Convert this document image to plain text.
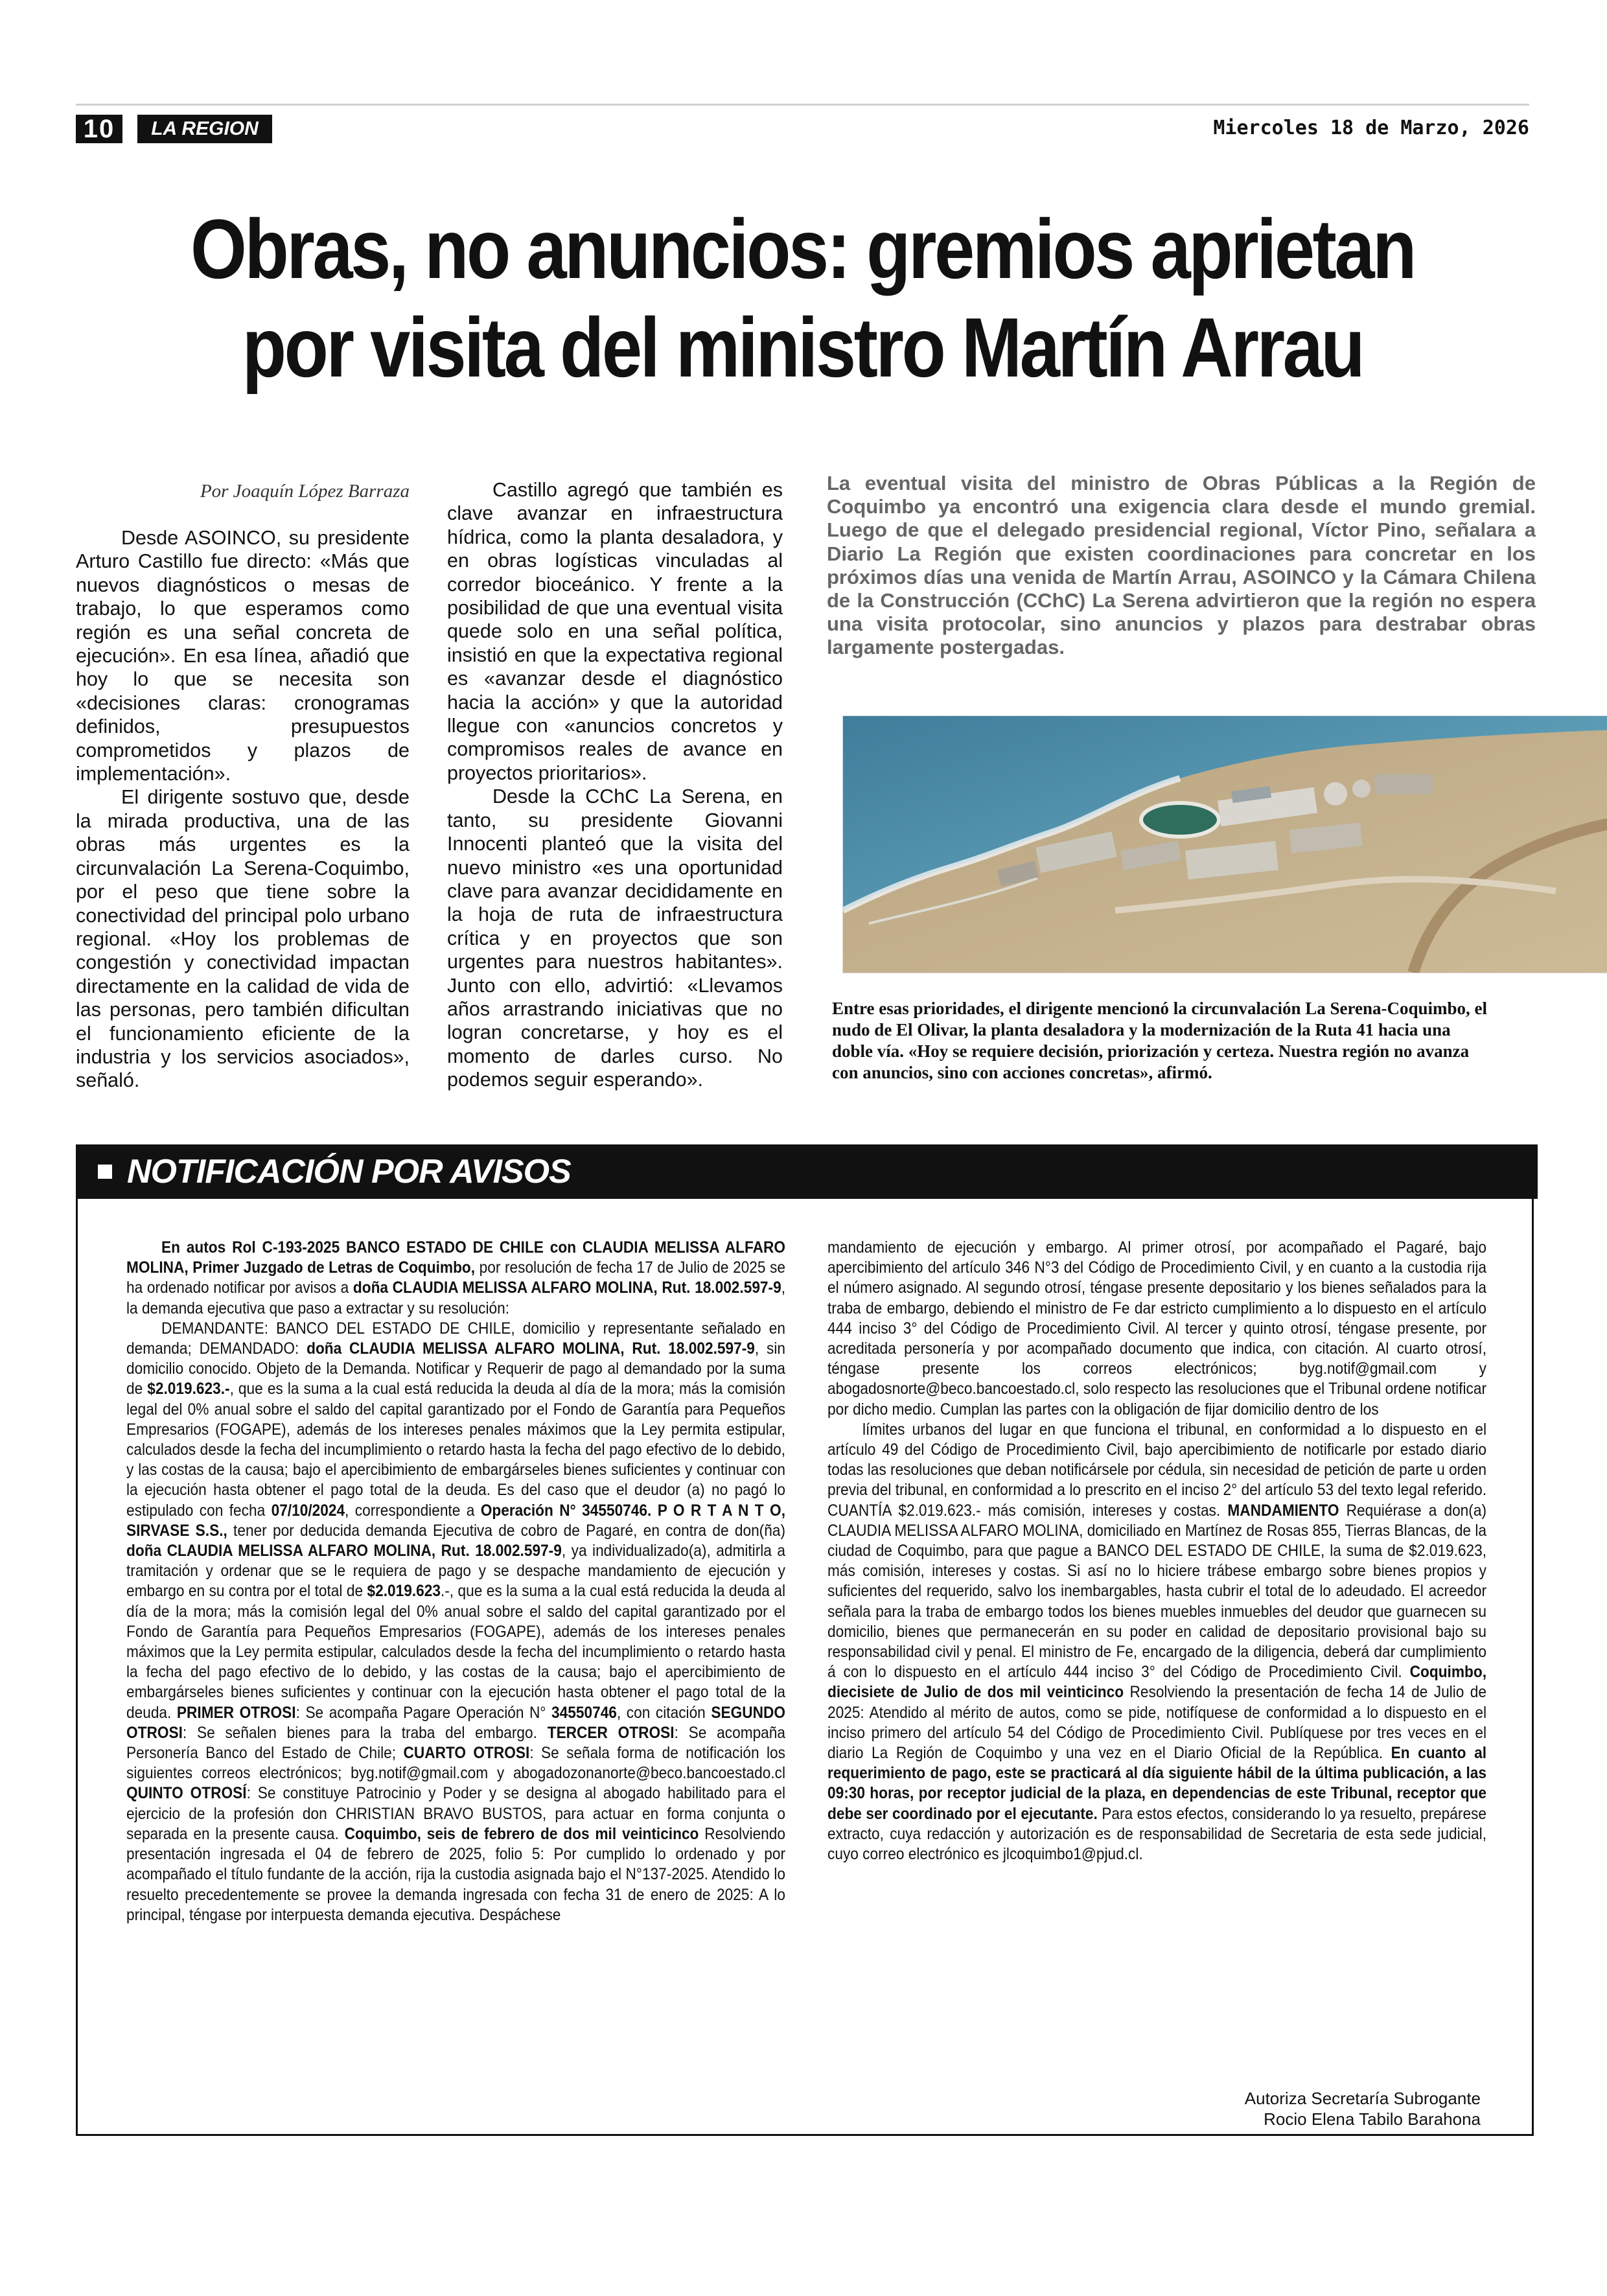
10	LA REGION	Miercoles 18 de Marzo, 2026
Obras, no anuncios: gremios aprietan
por visita del ministro Martín Arrau
Por Joaquín López Barraza

Desde ASOINCO, su presidente Arturo Castillo fue directo: «Más que nuevos diagnósticos o mesas de trabajo, lo que esperamos como región es una señal concreta de ejecución». En esa línea, añadió que hoy lo que se necesita son «decisiones claras: cronogramas definidos, presupuestos comprometidos y plazos de implementación».

El dirigente sostuvo que, desde la mirada productiva, una de las obras más urgentes es la circunvalación La Serena-Coquimbo, por el peso que tiene sobre la conectividad del principal polo urbano regional. «Hoy los problemas de congestión y conectividad impactan directamente en la calidad de vida de las personas, pero también dificultan el funcionamiento eficiente de la industria y los servicios asociados», señaló.

Castillo agregó que también es clave avanzar en infraestructura hídrica, como la planta desaladora, y en obras logísticas vinculadas al corredor bioceánico. Y frente a la posibilidad de que una eventual visita quede solo en una señal política, insistió en que la expectativa regional es «avanzar desde el diagnóstico hacia la acción» y que la autoridad llegue con «anuncios concretos y compromisos reales de avance en proyectos prioritarios».

Desde la CChC La Serena, en tanto, su presidente Giovanni Innocenti planteó que la visita del nuevo ministro «es una oportunidad clave para avanzar decididamente en la hoja de ruta de infraestructura crítica y en proyectos que son urgentes para nuestros habitantes». Junto con ello, advirtió: «Llevamos años arrastrando iniciativas que no logran concretarse, y hoy es el momento de darles curso. No podemos seguir esperando».

La eventual visita del ministro de Obras Públicas a la Región de Coquimbo ya encontró una exigencia clara desde el mundo gremial. Luego de que el delegado presidencial regional, Víctor Pino, señalara a Diario La Región que existen coordinaciones para concretar en los próximos días una venida de Martín Arrau, ASOINCO y la Cámara Chilena de la Construcción (CChC) La Serena advirtieron que la región no espera una visita protocolar, sino anuncios y plazos para destrabar obras largamente postergadas.
Entre esas prioridades, el dirigente mencionó la circunvalación La Serena-Coquimbo, el nudo de El Olivar, la planta desaladora y la modernización de la Ruta 41 hacia una doble vía. «Hoy se requiere decisión, priorización y certeza. Nuestra región no avanza con anuncios, sino con acciones concretas», afirmó.
NOTIFICACIÓN POR AVISOS

En autos Rol C-193-2025 BANCO ESTADO DE CHILE con CLAUDIA MELISSA ALFARO MOLINA, Primer Juzgado de Letras de Coquimbo, por resolución de fecha 17 de Julio de 2025 se ha ordenado notificar por avisos a doña CLAUDIA MELISSA ALFARO MOLINA, Rut. 18.002.597-9, la demanda ejecutiva que paso a extractar y su resolución:

DEMANDANTE: BANCO DEL ESTADO DE CHILE, domicilio y representante señalado en demanda; DEMANDADO: doña CLAUDIA MELISSA ALFARO MOLINA, Rut. 18.002.597-9, sin domicilio conocido. Objeto de la Demanda. Notificar y Requerir de pago al demandado por la suma de $2.019.623.-, que es la suma a la cual está reducida la deuda al día de la mora; más la comisión legal del 0% anual sobre el saldo del capital garantizado por el Fondo de Garantía para Pequeños Empresarios (FOGAPE), además de los intereses penales máximos que la Ley permita estipular, calculados desde la fecha del incumplimiento o retardo hasta la fecha del pago efectivo de lo debido, y las costas de la causa; bajo el apercibimiento de embargárseles bienes suficientes y continuar con la ejecución hasta obtener el pago total de la deuda. Es del caso que el deudor (a) no pagó lo estipulado con fecha 07/10/2024, correspondiente a Operación N° 34550746. P O R T A N T O, SIRVASE S.S., tener por deducida demanda Ejecutiva de cobro de Pagaré, en contra de don(ña) doña CLAUDIA MELISSA ALFARO MOLINA, Rut. 18.002.597-9, ya individualizado(a), admitirla a tramitación y ordenar que se le requiera de pago y se despache mandamiento de ejecución y embargo en su contra por el total de $2.019.623.-, que es la suma a la cual está reducida la deuda al día de la mora; más la comisión legal del 0% anual sobre el saldo del capital garantizado por el Fondo de Garantía para Pequeños Empresarios (FOGAPE), además de los intereses penales máximos que la Ley permita estipular, calculados desde la fecha del incumplimiento o retardo hasta la fecha del pago efectivo de lo debido, y las costas de la causa; bajo el apercibimiento de embargárseles bienes suficientes y continuar con la ejecución hasta obtener el pago total de la deuda. PRIMER OTROSI: Se acompaña Pagare Operación N° 34550746, con citación SEGUNDO OTROSI: Se señalen bienes para la traba del embargo. TERCER OTROSI: Se acompaña Personería Banco del Estado de Chile; CUARTO OTROSI: Se señala forma de notificación los siguientes correos electrónicos; byg.notif@gmail.com y abogadozonanorte@beco.bancoestado.cl QUINTO OTROSÍ: Se constituye Patrocinio y Poder y se designa al abogado habilitado para el ejercicio de la profesión don CHRISTIAN BRAVO BUSTOS, para actuar en forma conjunta o separada en la presente causa. Coquimbo, seis de febrero de dos mil veinticinco Resolviendo presentación ingresada el 04 de febrero de 2025, folio 5: Por cumplido lo ordenado y por acompañado el título fundante de la acción, rija la custodia asignada bajo el N°137-2025. Atendido lo resuelto precedentemente se provee la demanda ingresada con fecha 31 de enero de 2025: A lo principal, téngase por interpuesta demanda ejecutiva. Despáchese

mandamiento de ejecución y embargo. Al primer otrosí, por acompañado el Pagaré, bajo apercibimiento del artículo 346 N°3 del Código de Procedimiento Civil, y en cuanto a la custodia rija el número asignado. Al segundo otrosí, téngase presente depositario y los bienes señalados para la traba de embargo, debiendo el ministro de Fe dar estricto cumplimiento a lo dispuesto en el artículo 444 inciso 3° del Código de Procedimiento Civil. Al tercer y quinto otrosí, téngase presente, por acreditada personería y por acompañado documento que indica, con citación. Al cuarto otrosí, téngase presente los correos electrónicos; byg.notif@gmail.com y abogadosnorte@beco.bancoestado.cl, solo respecto las resoluciones que el Tribunal ordene notificar por dicho medio. Cumplan las partes con la obligación de fijar domicilio dentro de los

límites urbanos del lugar en que funciona el tribunal, en conformidad a lo dispuesto en el artículo 49 del Código de Procedimiento Civil, bajo apercibimiento de notificarle por estado diario todas las resoluciones que deban notificársele por cédula, sin necesidad de petición de parte u orden previa del tribunal, en conformidad a lo prescrito en el inciso 2° del artículo 53 del texto legal referido. CUANTÍA $2.019.623.- más comisión, intereses y costas. MANDAMIENTO Requiérase a don(a) CLAUDIA MELISSA ALFARO MOLINA, domiciliado en Martínez de Rosas 855, Tierras Blancas, de la ciudad de Coquimbo, para que pague a BANCO DEL ESTADO DE CHILE, la suma de $2.019.623, más comisión, intereses y costas. Si así no lo hiciere trábese embargo sobre bienes propios y suficientes del requerido, salvo los inembargables, hasta cubrir el total de lo adeudado. El acreedor señala para la traba de embargo todos los bienes muebles inmuebles del deudor que guarnecen su domicilio, bienes que permanecerán en su poder en calidad de depositario provisional bajo su responsabilidad civil y penal. El ministro de Fe, encargado de la diligencia, deberá dar cumplimiento á con lo dispuesto en el artículo 444 inciso 3° del Código de Procedimiento Civil. Coquimbo, diecisiete de Julio de dos mil veinticinco Resolviendo la presentación de fecha 14 de Julio de 2025: Atendido al mérito de autos, como se pide, notifíquese de conformidad a lo dispuesto en el inciso primero del artículo 54 del Código de Procedimiento Civil. Publíquese por tres veces en el diario La Región de Coquimbo y una vez en el Diario Oficial de la República. En cuanto al requerimiento de pago, este se practicará al día siguiente hábil de la última publicación, a las 09:30 horas, por receptor judicial de la plaza, en dependencias de este Tribunal, receptor que debe ser coordinado por el ejecutante. Para estos efectos, considerando lo ya resuelto, prepárese extracto, cuya redacción y autorización es de responsabilidad de Secretaria de esta sede judicial, cuyo correo electrónico es jlcoquimbo1@pjud.cl.

Autoriza Secretaría Subrogante
Rocio Elena Tabilo Barahona
